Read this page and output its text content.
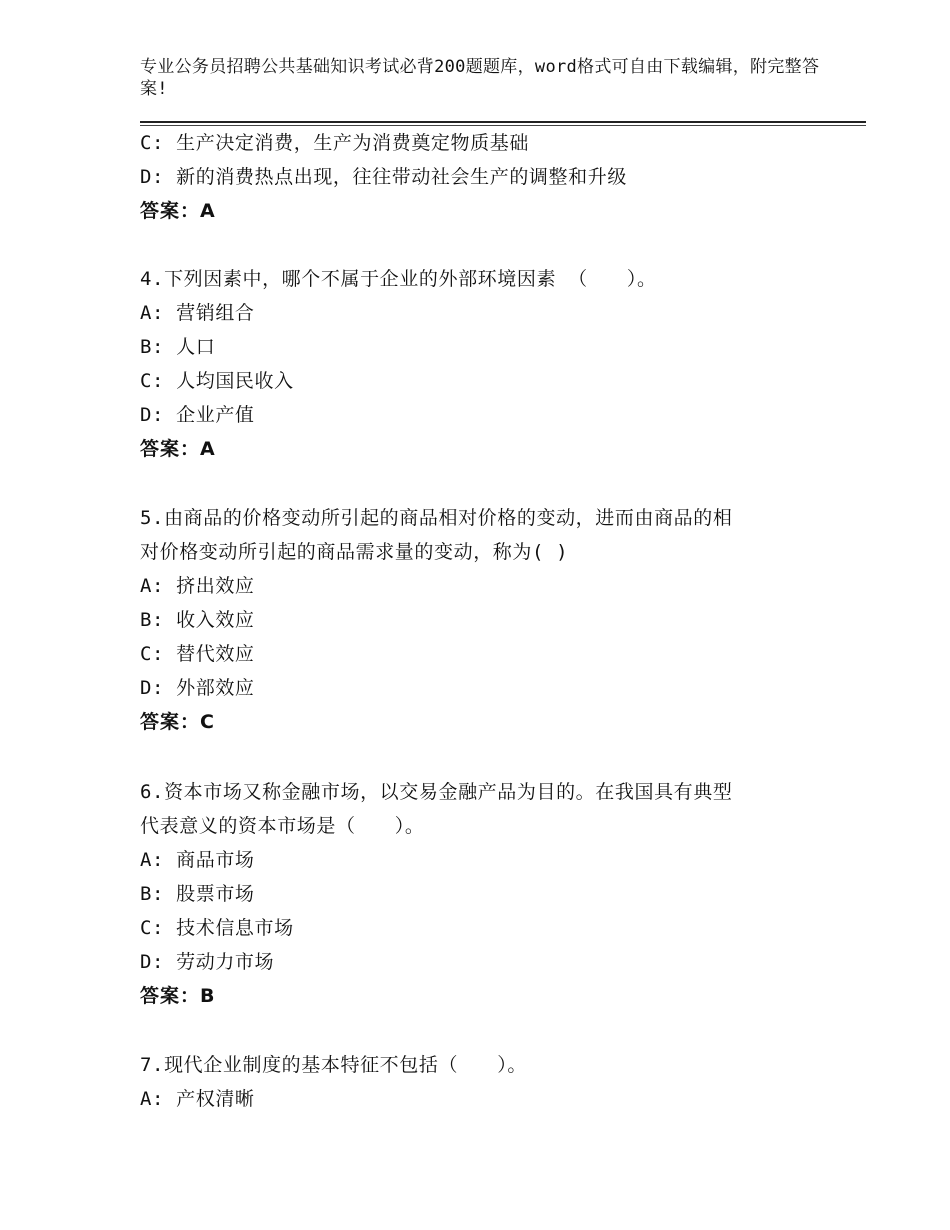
专业公务员招聘公共基础知识考试必背200题题库，word格式可自由下载编辑，附完整答案!
C: 生产决定消费，生产为消费奠定物质基础
D: 新的消费热点出现，往往带动社会生产的调整和升级
答案：A
4.下列因素中，哪个不属于企业的外部环境因素 （　　）。
A: 营销组合
B: 人口
C: 人均国民收入
D: 企业产值
答案：A
5.由商品的价格变动所引起的商品相对价格的变动，进而由商品的相
对价格变动所引起的商品需求量的变动，称为( )
A: 挤出效应
B: 收入效应
C: 替代效应
D: 外部效应
答案：C
6.资本市场又称金融市场，以交易金融产品为目的。在我国具有典型
代表意义的资本市场是（　　）。
A: 商品市场
B: 股票市场
C: 技术信息市场
D: 劳动力市场
答案：B
7.现代企业制度的基本特征不包括（　　）。
A: 产权清晰
